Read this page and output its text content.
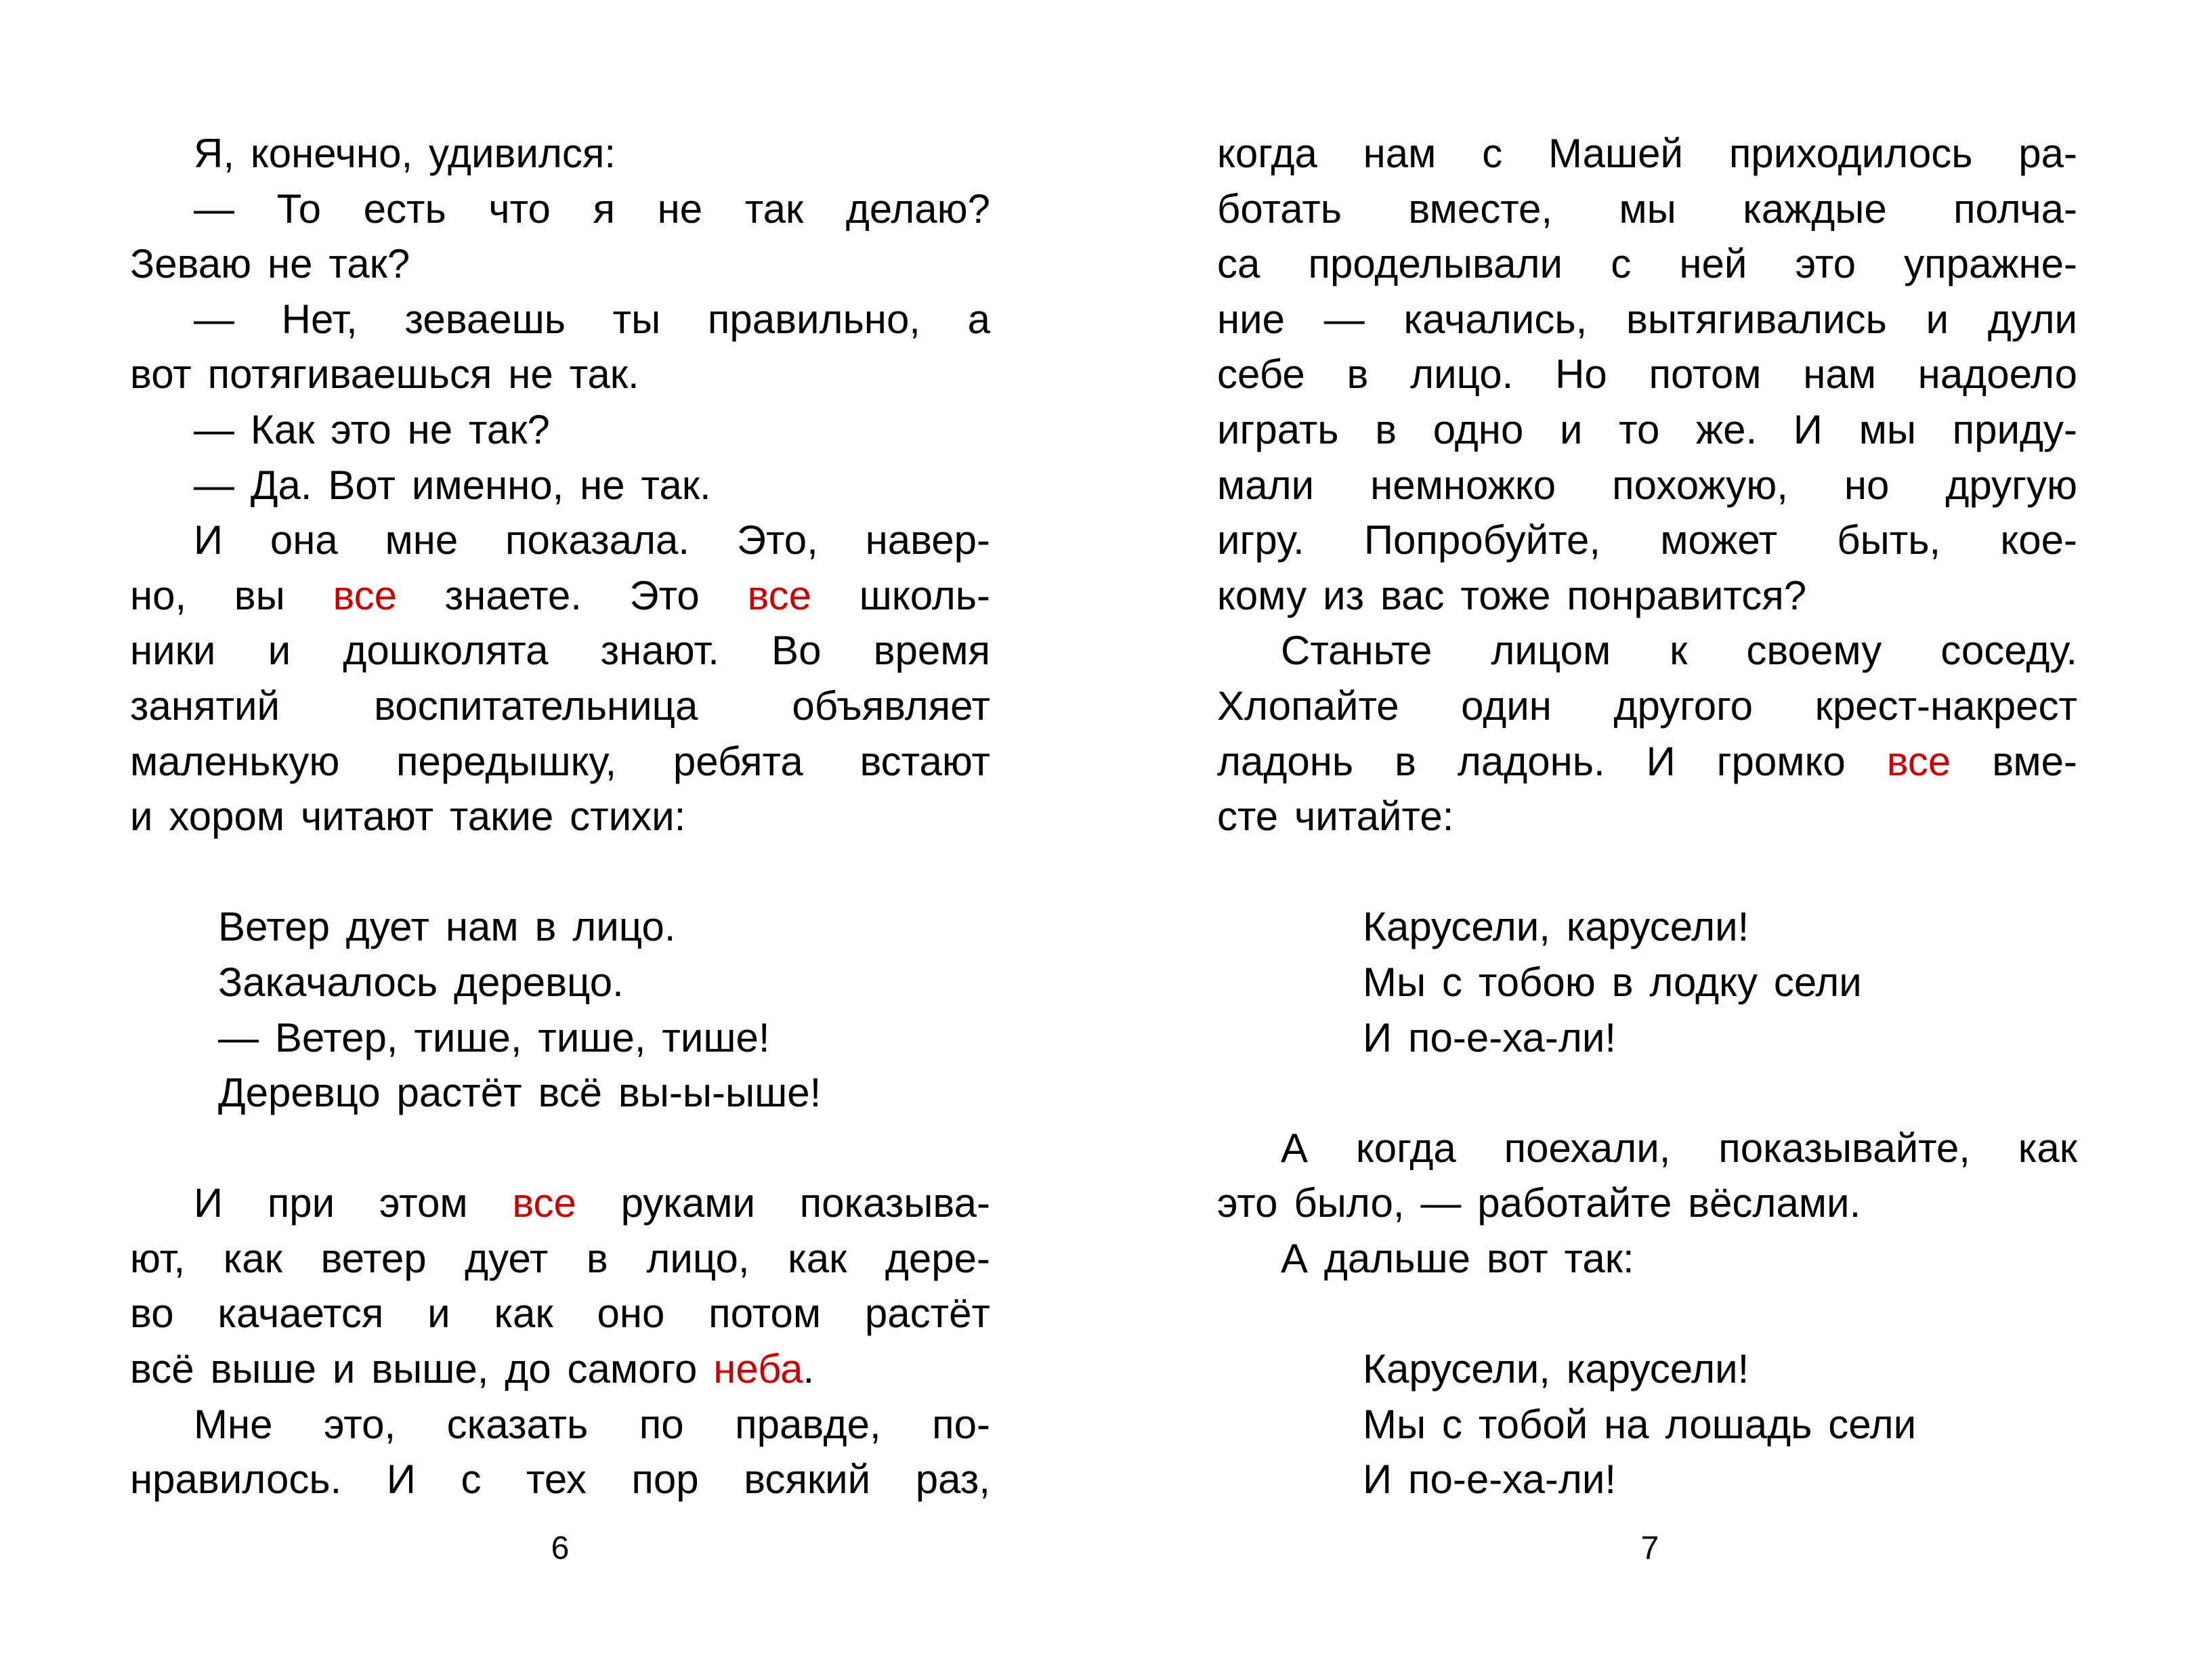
Я, конечно, удивился:
— То есть что я не так делаю?
Зеваю не так?
— Нет, зеваешь ты правильно, а
вот потягиваешься не так.
— Как это не так?
— Да. Вот именно, не так.
И она мне показала. Это, навер-
но, вы все знаете. Это все школь-
ники и дошколята знают. Во время
занятий воспитательница объявляет
маленькую передышку, ребята встают
и хором читают такие стихи:
Ветер дует нам в лицо.
Закачалось деревцо.
— Ветер, тише, тише, тише!
Деревцо растёт всё вы-ы-ыше!
И при этом все руками показыва-
ют, как ветер дует в лицо, как дере-
во качается и как оно потом растёт
всё выше и выше, до самого неба.
Мне это, сказать по правде, по-
нравилось. И с тех пор всякий раз,
когда нам с Машей приходилось ра-
ботать вместе, мы каждые полча-
са проделывали с ней это упражне-
ние — качались, вытягивались и дули
себе в лицо. Но потом нам надоело
играть в одно и то же. И мы приду-
мали немножко похожую, но другую
игру. Попробуйте, может быть, кое-
кому из вас тоже понравится?
Станьте лицом к своему соседу.
Хлопайте один другого крест-накрест
ладонь в ладонь. И громко все вме-
сте читайте:
Карусели, карусели!
Мы с тобою в лодку сели
И по-е-ха-ли!
А когда поехали, показывайте, как
это было, — работайте вёслами.
А дальше вот так:
Карусели, карусели!
Мы с тобой на лошадь сели
И по-е-ха-ли!
6	7
